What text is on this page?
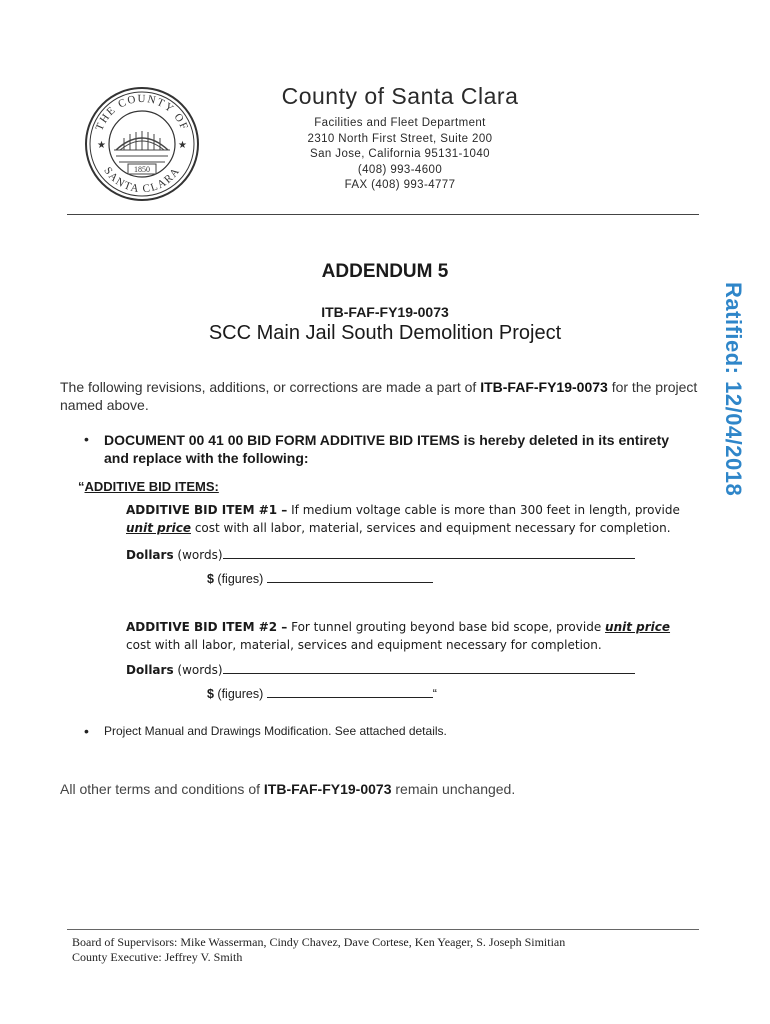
THE COUNTY OF
SANTA CLARA
★	★
1850
County of Santa Clara
Facilities and Fleet Department
2310 North First Street, Suite 200
San Jose, California 95131-1040
(408) 993-4600
FAX (408) 993-4777
ADDENDUM 5
ITB-FAF-FY19-0073
SCC Main Jail South Demolition Project
The following revisions, additions, or corrections are made a part of ITB-FAF-FY19-0073 for the project named above.
• DOCUMENT 00 41 00 BID FORM ADDITIVE BID ITEMS is hereby deleted in its entirety and replace with the following:
“ADDITIVE BID ITEMS:
ADDITIVE BID ITEM #1 – If medium voltage cable is more than 300 feet in length, provide unit price cost with all labor, material, services and equipment necessary for completion.
Dollars (words)
$ (figures)
ADDITIVE BID ITEM #2 – For tunnel grouting beyond base bid scope, provide unit price cost with all labor, material, services and equipment necessary for completion.
Dollars (words)
$ (figures)	“
• Project Manual and Drawings Modification. See attached details.
All other terms and conditions of ITB-FAF-FY19-0073 remain unchanged.
Board of Supervisors: Mike Wasserman, Cindy Chavez, Dave Cortese, Ken Yeager, S. Joseph Simitian
County Executive: Jeffrey V. Smith
Ratified: 12/04/2018
